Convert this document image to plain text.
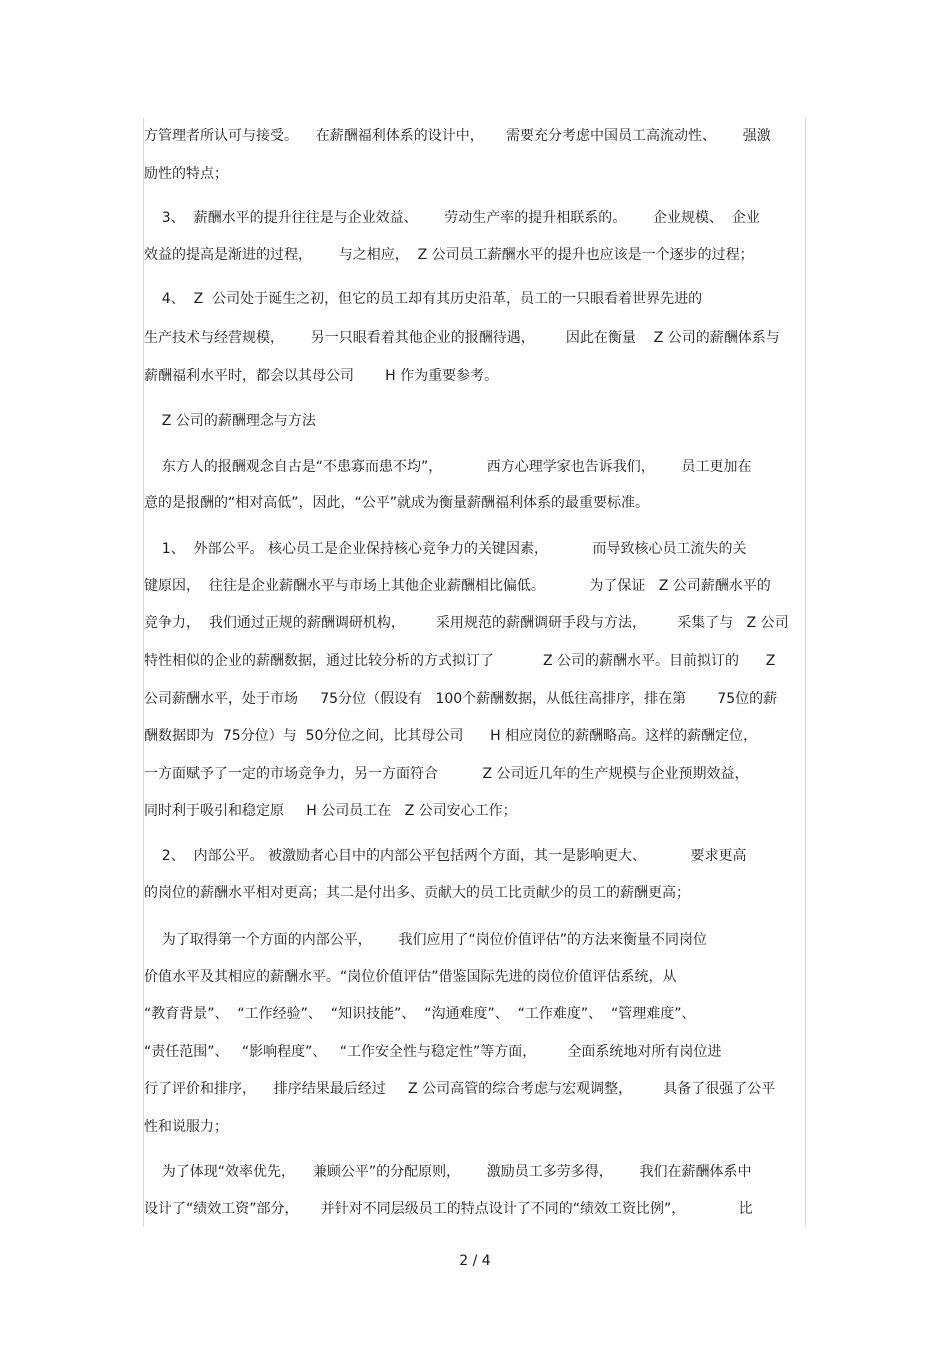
方管理者所认可与接受。    在薪酬福利体系的设计中，     需要充分考虑中国员工高流动性、      强激
励性的特点；
3、  薪酬水平的提升往往是与企业效益、      劳动生产率的提升相联系的。      企业规模、  企业
效益的提高是渐进的过程，      与之相应，  Z 公司员工薪酬水平的提升也应该是一个逐步的过程；
4、  Z  公司处于诞生之初，但它的员工却有其历史沿革，员工的一只眼看着世界先进的
生产技术与经营规模，      另一只眼看着其他企业的报酬待遇，       因此在衡量    Z 公司的薪酬体系与
薪酬福利水平时，都会以其母公司       H 作为重要参考。
Z 公司的薪酬理念与方法
东方人的报酬观念自古是“不患寡而患不均”，          西方心理学家也告诉我们，      员工更加在
意的是报酬的“相对高低”，因此，“公平”就成为衡量薪酬福利体系的最重要标准。
1、  外部公平。 核心员工是企业保持核心竞争力的关键因素，          而导致核心员工流失的关
键原因，  往往是企业薪酬水平与市场上其他企业薪酬相比偏低。          为了保证   Z 公司薪酬水平的
竞争力，  我们通过正规的薪酬调研机构，       采用规范的薪酬调研手段与方法，       采集了与   Z 公司
特性相似的企业的薪酬数据，通过比较分析的方式拟订了           Z 公司的薪酬水平。目前拟订的      Z
公司薪酬水平，处于市场     75分位（假设有   100个薪酬数据，从低往高排序，排在第       75位的薪
酬数据即为  75分位）与  50分位之间，比其母公司      H 相应岗位的薪酬略高。这样的薪酬定位，
一方面赋予了一定的市场竞争力，另一方面符合          Z 公司近几年的生产规模与企业预期效益，
同时利于吸引和稳定原     H 公司员工在   Z 公司安心工作；
2、  内部公平。 被激励者心目中的内部公平包括两个方面，其一是影响更大、          要求更高
的岗位的薪酬水平相对更高；其二是付出多、贡献大的员工比贡献少的员工的薪酬更高；
为了取得第一个方面的内部公平，      我们应用了“岗位价值评估”的方法来衡量不同岗位
价值水平及其相应的薪酬水平。“岗位价值评估”借鉴国际先进的岗位价值评估系统，从
“教育背景”、  “工作经验”、  “知识技能”、  “沟通难度”、  “工作难度”、  “管理难度”、
“责任范围”、   “影响程度”、   “工作安全性与稳定性”等方面，       全面系统地对所有岗位进
行了评价和排序，    排序结果最后经过     Z 公司高管的综合考虑与宏观调整，       具备了很强了公平
性和说服力；
为了体现“效率优先，    兼顾公平”的分配原则，      激励员工多劳多得，      我们在薪酬体系中
设计了“绩效工资”部分，     并针对不同层级员工的特点设计了不同的“绩效工资比例”，            比
2 / 4
